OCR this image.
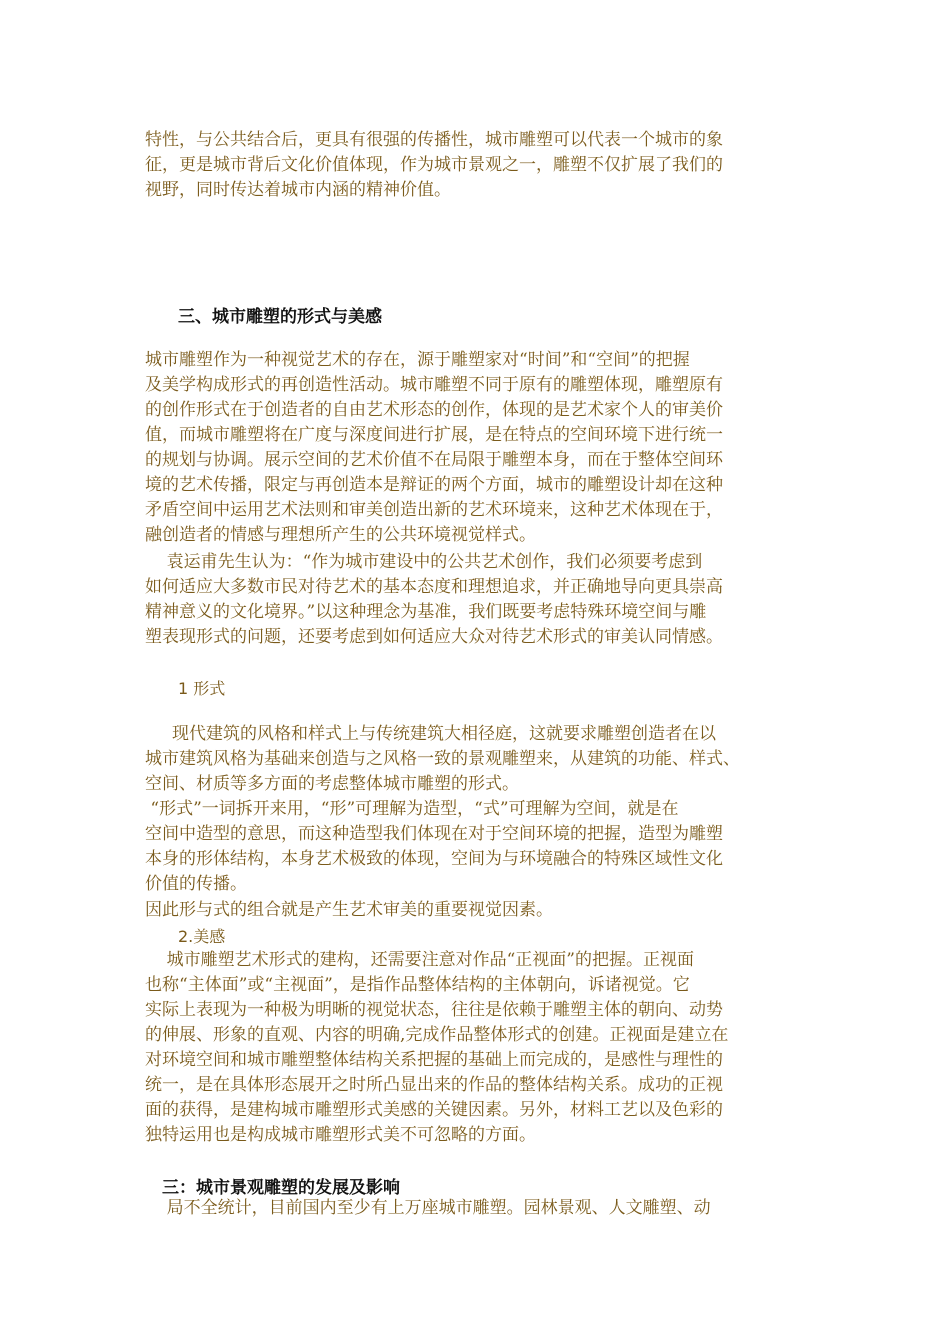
特性，与公共结合后，更具有很强的传播性，城市雕塑可以代表一个城市的象
征，更是城市背后文化价值体现，作为城市景观之一，雕塑不仅扩展了我们的
视野，同时传达着城市内涵的精神价值。
三、城市雕塑的形式与美感
城市雕塑作为一种视觉艺术的存在，源于雕塑家对“时间”和“空间”的把握
及美学构成形式的再创造性活动。城市雕塑不同于原有的雕塑体现，雕塑原有
的创作形式在于创造者的自由艺术形态的创作，体现的是艺术家个人的审美价
值，而城市雕塑将在广度与深度间进行扩展，是在特点的空间环境下进行统一
的规划与协调。展示空间的艺术价值不在局限于雕塑本身，而在于整体空间环
境的艺术传播，限定与再创造本是辩证的两个方面，城市的雕塑设计却在这种
矛盾空间中运用艺术法则和审美创造出新的艺术环境来，这种艺术体现在于，
融创造者的情感与理想所产生的公共环境视觉样式。
袁运甫先生认为：“作为城市建设中的公共艺术创作，我们必须要考虑到
如何适应大多数市民对待艺术的基本态度和理想追求，并正确地导向更具崇高
精神意义的文化境界。”以这种理念为基准，我们既要考虑特殊环境空间与雕
塑表现形式的问题，还要考虑到如何适应大众对待艺术形式的审美认同情感。
1 形式
现代建筑的风格和样式上与传统建筑大相径庭，这就要求雕塑创造者在以
城市建筑风格为基础来创造与之风格一致的景观雕塑来，从建筑的功能、样式、
空间、材质等多方面的考虑整体城市雕塑的形式。
“形式”一词拆开来用，“形”可理解为造型，“式”可理解为空间，就是在
空间中造型的意思，而这种造型我们体现在对于空间环境的把握，造型为雕塑
本身的形体结构，本身艺术极致的体现，空间为与环境融合的特殊区域性文化
价值的传播。
因此形与式的组合就是产生艺术审美的重要视觉因素。
2.美感
城市雕塑艺术形式的建构，还需要注意对作品“正视面”的把握。正视面
也称“主体面”或“主视面”，是指作品整体结构的主体朝向，诉诸视觉。它
实际上表现为一种极为明晰的视觉状态，往往是依赖于雕塑主体的朝向、动势
的伸展、形象的直观、内容的明确,完成作品整体形式的创建。正视面是建立在
对环境空间和城市雕塑整体结构关系把握的基础上而完成的，是感性与理性的
统一，是在具体形态展开之时所凸显出来的作品的整体结构关系。成功的正视
面的获得，是建构城市雕塑形式美感的关键因素。另外，材料工艺以及色彩的
独特运用也是构成城市雕塑形式美不可忽略的方面。
三：城市景观雕塑的发展及影响
局不全统计，目前国内至少有上万座城市雕塑。园林景观、人文雕塑、动
